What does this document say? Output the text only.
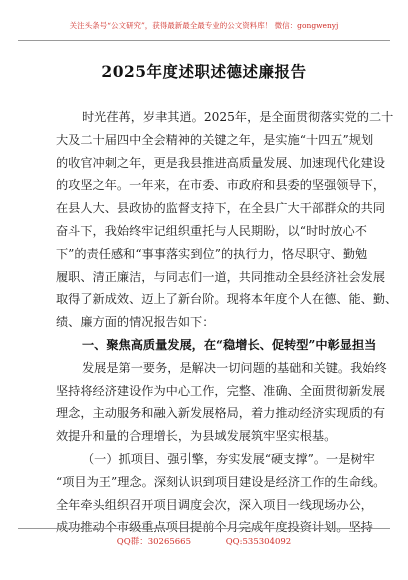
关注头条号“公文研究”，获得最新最全最专业的公文资料库！ 微信：gongwenyj
2025年度述职述德述廉报告
时光荏苒，岁聿其逍。2025年，是全面贯彻落实党的二十
大及二十届四中全会精神的关键之年，是实施“十四五”规划
的收官冲刺之年，更是我县推进高质量发展、加速现代化建设
的攻坚之年。一年来，在市委、市政府和县委的坚强领导下，
在县人大、县政协的监督支持下，在全县广大干部群众的共同
奋斗下，我始终牢记组织重托与人民期盼，以“时时放心不
下”的责任感和“事事落实到位”的执行力，恪尽职守、勤勉
履职、清正廉洁，与同志们一道，共同推动全县经济社会发展
取得了新成效、迈上了新台阶。现将本年度个人在德、能、勤、
绩、廉方面的情况报告如下：
一、聚焦高质量发展，在“稳增长、促转型”中彰显担当
发展是第一要务，是解决一切问题的基础和关键。我始终
坚持将经济建设作为中心工作，完整、准确、全面贯彻新发展
理念，主动服务和融入新发展格局，着力推动经济实现质的有
效提升和量的合理增长，为县域发展筑牢坚实根基。
（一）抓项目、强引擎，夯实发展“硬支撑”。一是树牢
“项目为王”理念。深刻认识到项目建设是经济工作的生命线。
全年牵头组织召开项目调度会次，深入项目一线现场办公，
成功推动个市级重点项目提前个月完成年度投资计划。坚持
QQ群：30265665	QQ:535304092
